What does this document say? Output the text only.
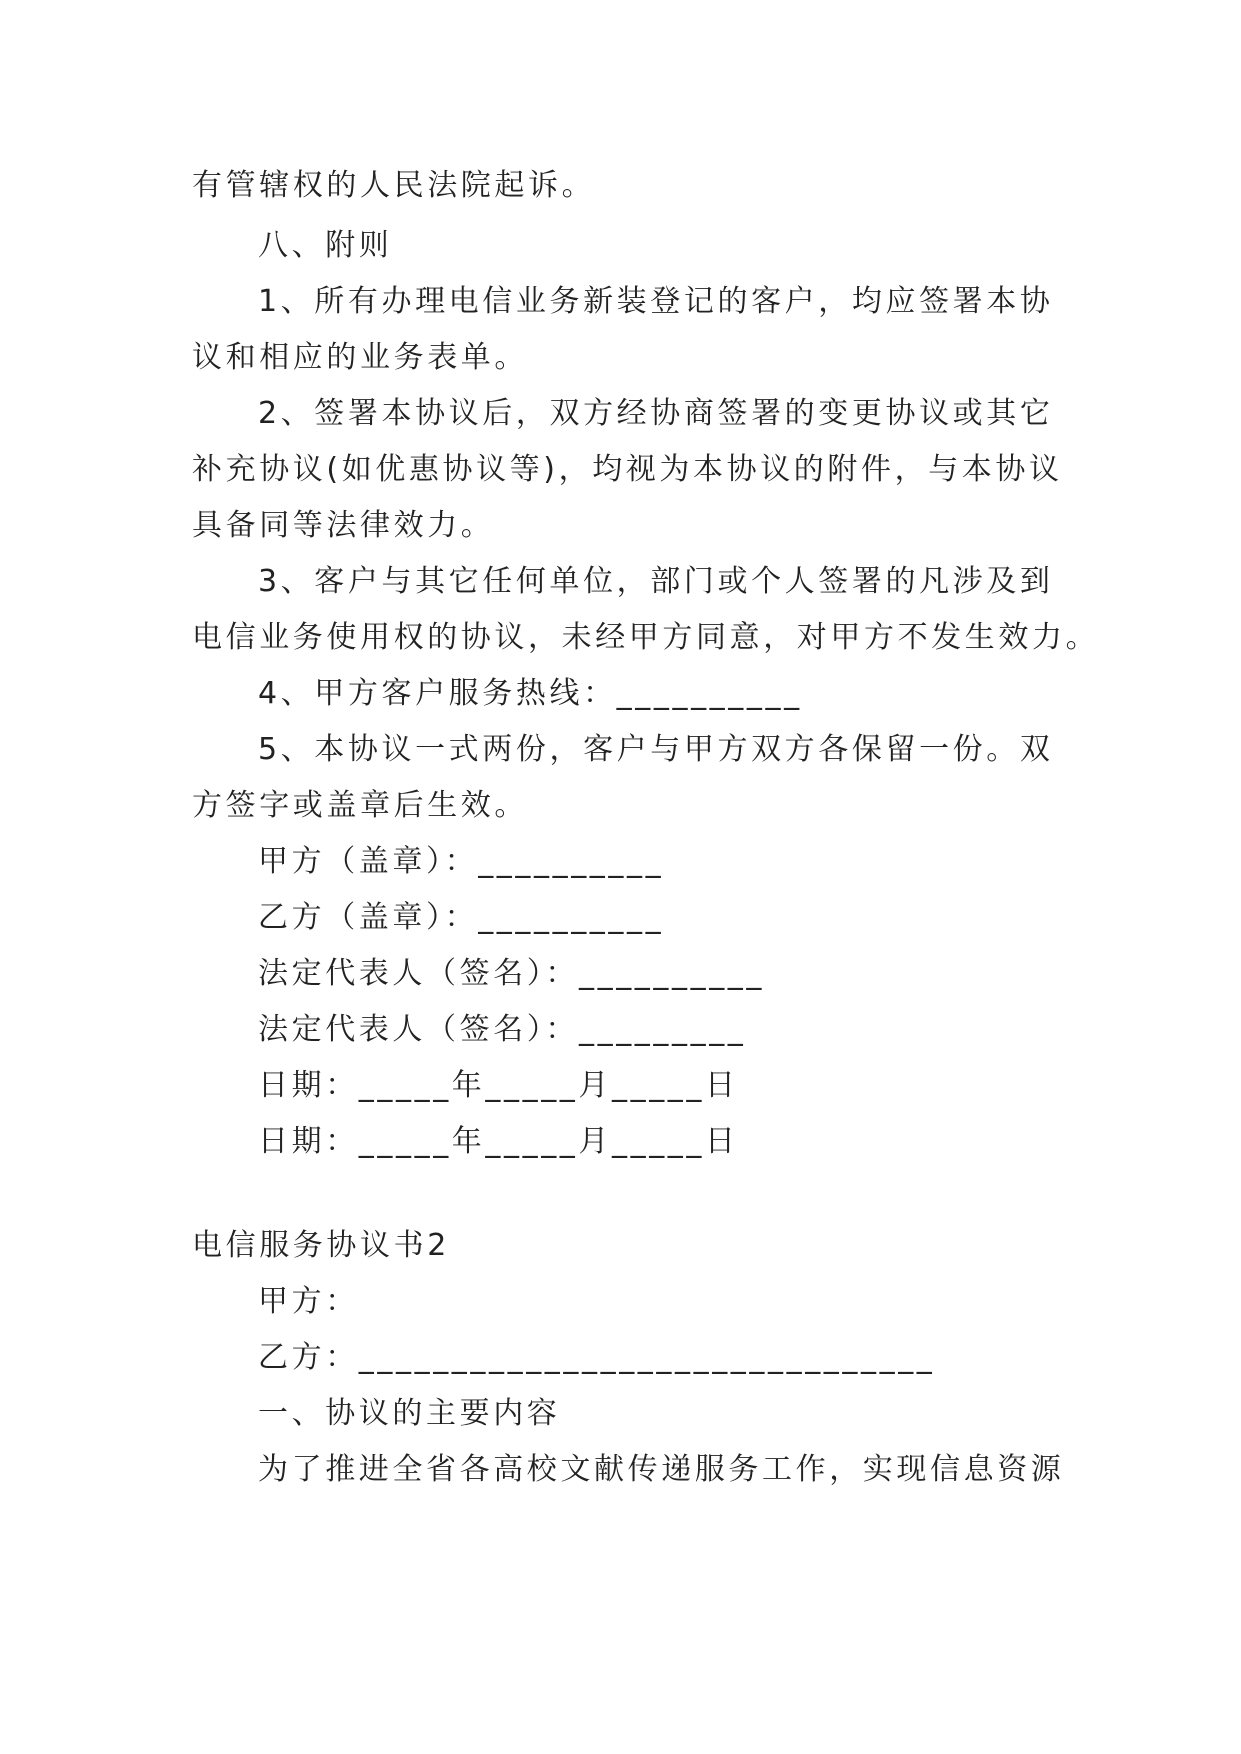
有管辖权的人民法院起诉。
八、附则
1、所有办理电信业务新装登记的客户，均应签署本协
议和相应的业务表单。
2、签署本协议后，双方经协商签署的变更协议或其它
补充协议(如优惠协议等)，均视为本协议的附件，与本协议
具备同等法律效力。
3、客户与其它任何单位，部门或个人签署的凡涉及到
电信业务使用权的协议，未经甲方同意，对甲方不发生效力。
4、甲方客户服务热线：__________
5、本协议一式两份，客户与甲方双方各保留一份。双
方签字或盖章后生效。
甲方（盖章）：__________
乙方（盖章）：__________
法定代表人（签名）：__________
法定代表人（签名）：_________
日期：_____年_____月_____日
日期：_____年_____月_____日
电信服务协议书2
甲方：
乙方：_______________________________
一、协议的主要内容
为了推进全省各高校文献传递服务工作，实现信息资源
